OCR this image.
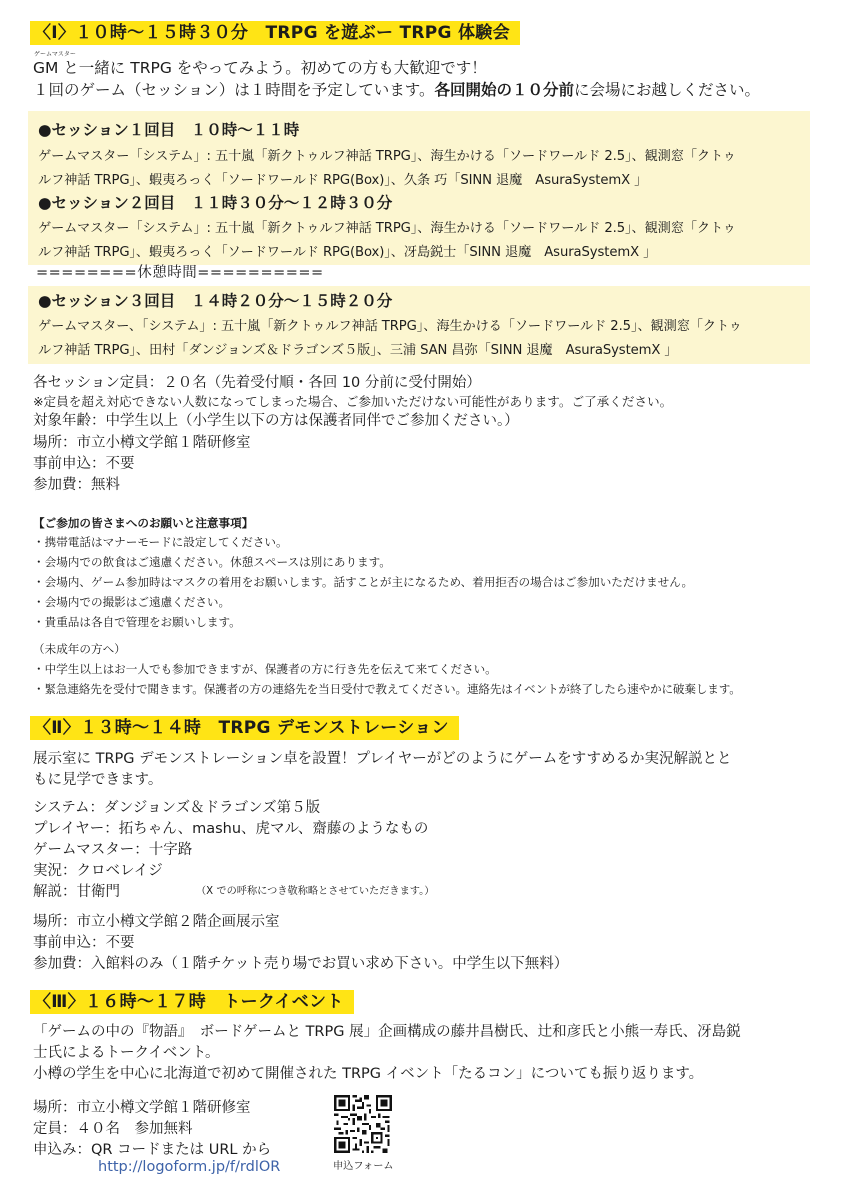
〈Ⅰ〉１０時〜１５時３０分　TRPG を遊ぶー TRPG 体験会
ゲームマスター
GM と一緒に TRPG をやってみよう。初めての方も大歓迎です！
１回のゲーム（セッション）は１時間を予定しています。各回開始の１０分前に会場にお越しください。
●セッション１回目　１０時〜１１時
ゲームマスター「システム」: 五十嵐「新クトゥルフ神話 TRPG」、海生かける「ソードワールド 2.5」、観測窓「クトゥ
ルフ神話 TRPG」、蝦夷ろっく「ソードワールド RPG(Box)」、久条 巧「SINN 退魔　AsuraSystemX 」
●セッション２回目　１１時３０分〜１２時３０分
ゲームマスター「システム」: 五十嵐「新クトゥルフ神話 TRPG」、海生かける「ソードワールド 2.5」、観測窓「クトゥ
ルフ神話 TRPG」、蝦夷ろっく「ソードワールド RPG(Box)」、冴島鋭士「SINN 退魔　AsuraSystemX 」
========休憩時間==========
●セッション３回目　１４時２０分〜１５時２０分
ゲームマスター、「システム」: 五十嵐「新クトゥルフ神話 TRPG」、海生かける「ソードワールド 2.5」、観測窓「クトゥ
ルフ神話 TRPG」、田村「ダンジョンズ＆ドラゴンズ５版」、三浦 SAN 昌弥「SINN 退魔　AsuraSystemX 」
各セッション定員：２０名（先着受付順・各回 10 分前に受付開始）
※定員を超え対応できない人数になってしまった場合、ご参加いただけない可能性があります。ご了承ください。
対象年齢：中学生以上（小学生以下の方は保護者同伴でご参加ください。）
場所：市立小樽文学館１階研修室
事前申込：不要
参加費：無料
【ご参加の皆さまへのお願いと注意事項】
・携帯電話はマナーモードに設定してください。
・会場内での飲食はご遠慮ください。休憩スペースは別にあります。
・会場内、ゲーム参加時はマスクの着用をお願いします。話すことが主になるため、着用拒否の場合はご参加いただけません。
・会場内での撮影はご遠慮ください。
・貴重品は各自で管理をお願いします。
（未成年の方へ）
・中学生以上はお一人でも参加できますが、保護者の方に行き先を伝えて来てください。
・緊急連絡先を受付で聞きます。保護者の方の連絡先を当日受付で教えてください。連絡先はイベントが終了したら速やかに破棄します。
〈Ⅱ〉１３時〜１４時　TRPG デモンストレーション
展示室に TRPG デモンストレーション卓を設置！プレイヤーがどのようにゲームをすすめるか実況解説とと
もに見学できます。
システム：ダンジョンズ＆ドラゴンズ第５版
プレイヤー：拓ちゃん、mashu、虎マル、齋藤のようなもの
ゲームマスター：十字路
実況：クロベレイジ
解説：甘衛門	（X での呼称につき敬称略とさせていただきます。）
場所：市立小樽文学館２階企画展示室
事前申込：不要
参加費：入館料のみ（１階チケット売り場でお買い求め下さい。中学生以下無料）
〈Ⅲ〉１６時〜１７時　トークイベント
「ゲームの中の『物語』　ボードゲームと TRPG 展」企画構成の藤井昌樹氏、辻和彦氏と小熊一寿氏、冴島鋭
士氏によるトークイベント。
小樽の学生を中心に北海道で初めて開催された TRPG イベント「たるコン」についても振り返ります。
場所：市立小樽文学館１階研修室
定員：４０名　参加無料
申込み：QR コードまたは URL から
http://logoform.jp/f/rdlOR	申込フォーム
